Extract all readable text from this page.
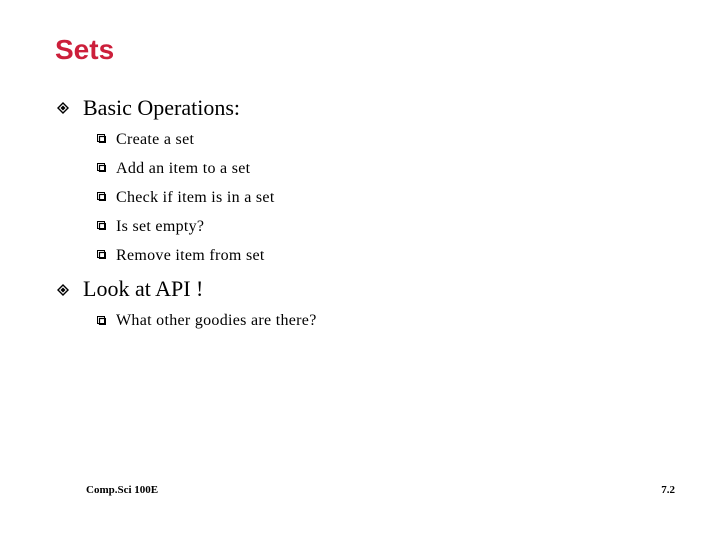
Sets
Basic Operations:
Create a set
Add an item to a set
Check if item is in a set
Is set empty?
Remove item from set
Look at API !
What other goodies are there?
Comp.Sci 100E	7.2
